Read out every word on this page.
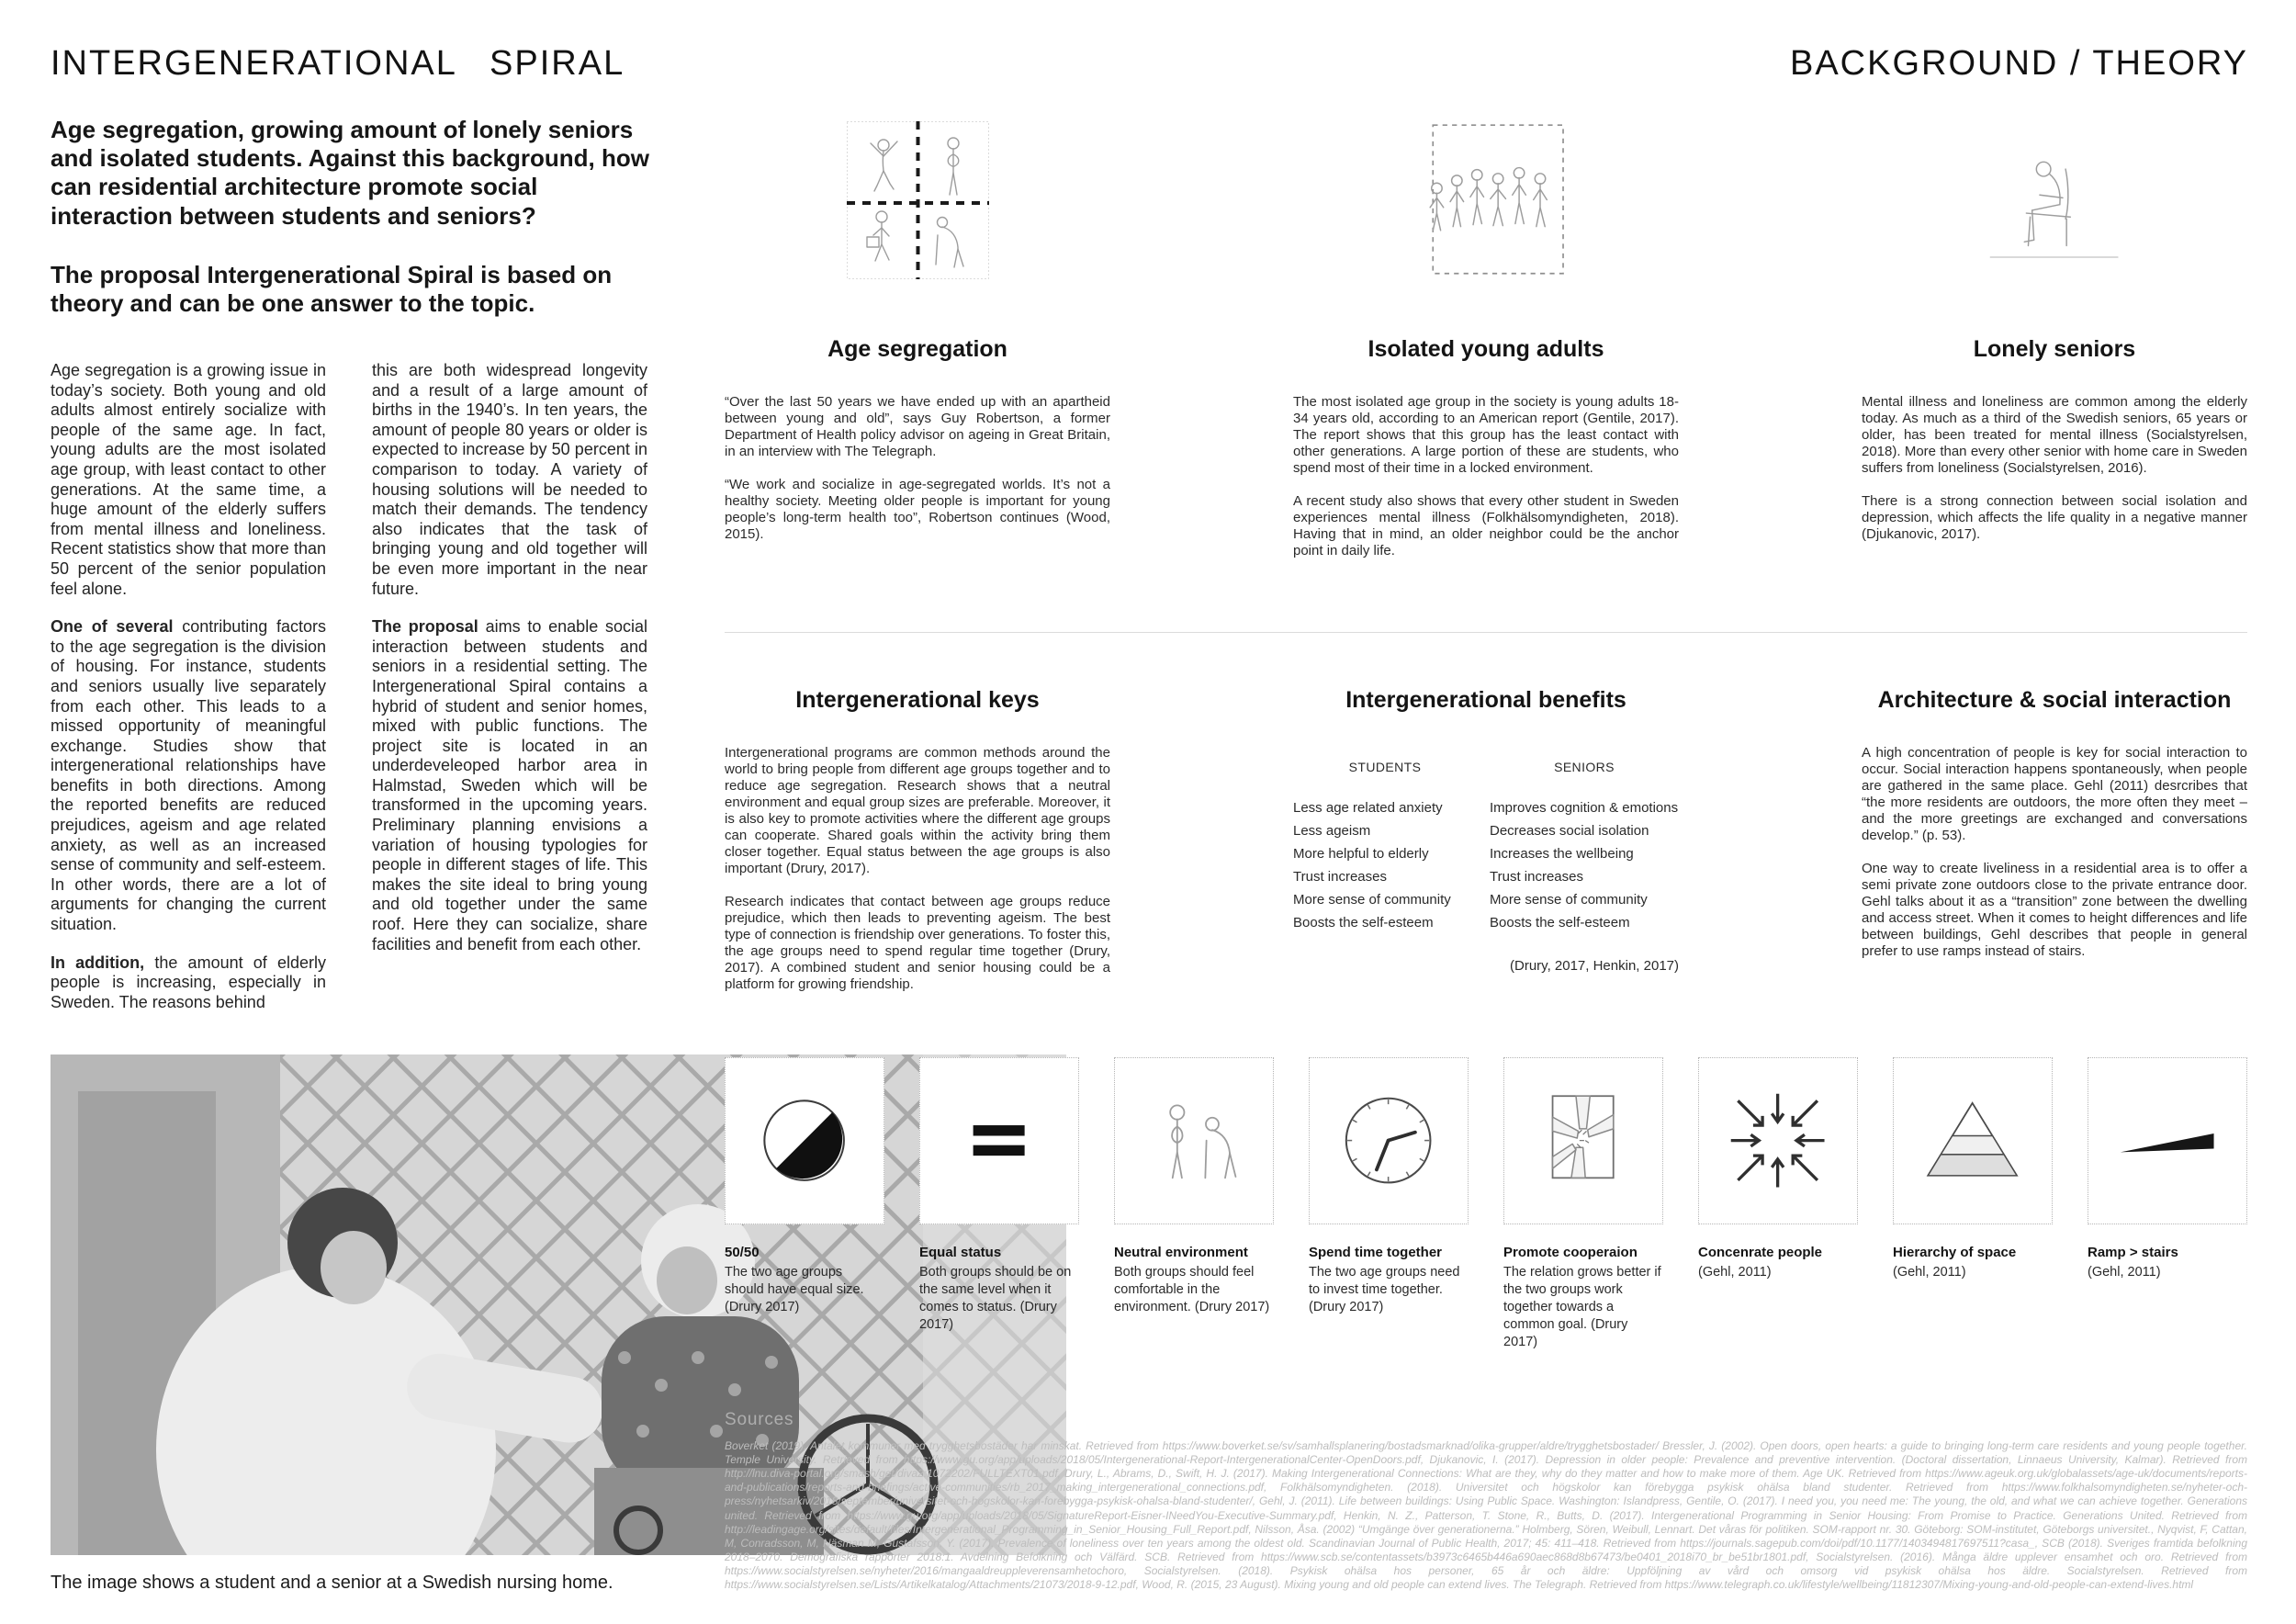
INTERGENERATIONAL SPIRAL	BACKGROUND / THEORY

Age segregation, growing amount of lonely seniors and isolated students. Against this background, how can residential architecture promote social interaction between students and seniors?

The proposal Intergenerational Spiral is based on theory and can be one answer to the topic.

Age segregation is a growing issue in today’s society. Both young and old adults almost entirely socialize with people of the same age. In fact, young adults are the most isolated age group, with least contact to other generations. At the same time, a huge amount of the elderly suffers from mental illness and loneliness. Recent statistics show that more than 50 percent of the senior population feel alone.

One of several contributing factors to the age segregation is the division of housing. For instance, students and seniors usually live separately from each other. This leads to a missed opportunity of meaningful exchange. Studies show that intergenerational relationships have benefits in both directions. Among the reported benefits are reduced prejudices, ageism and age related anxiety, as well as an increased sense of community and self-esteem. In other words, there are a lot of arguments for changing the current situation.

In addition, the amount of elderly people is increasing, especially in Sweden. The reasons behind

this are both widespread longevity and a result of a large amount of births in the 1940’s. In ten years, the amount of people 80 years or older is expected to increase by 50 percent in comparison to today. A variety of housing solutions will be needed to match their demands. The tendency also indicates that the task of bringing young and old together will be even more important in the near future.

The proposal aims to enable social interaction between students and seniors in a residential setting. The Intergenerational Spiral contains a hybrid of student and senior homes, mixed with public functions. The project site is located in an underdeveleoped harbor area in Halmstad, Sweden which will be transformed in the upcoming years. Preliminary planning envisions a variation of housing typologies for people in different stages of life. This makes the site ideal to bring young and old together under the same roof. Here they can socialize, share facilities and benefit from each other.

The image shows a student and a senior at a Swedish nursing home.
Age segregation

“Over the last 50 years we have ended up with an apartheid between young and old”, says Guy Robertson, a former Department of Health policy advisor on ageing in Great Britain, in an interview with The Telegraph.

“We work and socialize in age-segregated worlds. It’s not a healthy society. Meeting older people is important for young people’s long-term health too”, Robertson continues (Wood, 2015).

Isolated young adults

The most isolated age group in the society is young adults 18-34 years old, according to an American report (Gentile, 2017). The report shows that this group has the least contact with other generations. A large portion of these are students, who spend most of their time in a locked environment.

A recent study also shows that every other student in Sweden experiences mental illness (Folkhälsomyndigheten, 2018). Having that in mind, an older neighbor could be the anchor point in daily life.

Lonely seniors

Mental illness and loneliness are common among the elderly today. As much as a third of the Swedish seniors, 65 years or older, has been treated for mental illness (Socialstyrelsen, 2018). More than every other senior with home care in Sweden suffers from loneliness (Socialstyrelsen, 2016).

There is a strong connection between social isolation and depression, which affects the life quality in a negative manner (Djukanovic, 2017).

Intergenerational keys

Intergenerational programs are common methods around the world to bring people from different age groups together and to reduce age segregation. Research shows that a neutral environment and equal group sizes are preferable. Moreover, it is also key to promote activities where the different age groups can cooperate. Shared goals within the activity bring them closer together. Equal status between the age groups is also important (Drury, 2017).

Research indicates that contact between age groups reduce prejudice, which then leads to preventing ageism. The best type of connection is friendship over generations. To foster this, the age groups need to spend regular time together (Drury, 2017). A combined student and senior housing could be a platform for growing friendship.

Intergenerational benefits
STUDENTS	SENIORS
Less age related anxiety
Less ageism
More helpful to elderly
Trust increases
More sense of community
Boosts the self-esteem
Improves cognition & emotions
Decreases social isolation
Increases the wellbeing
Trust increases
More sense of community
Boosts the self-esteem
(Drury, 2017, Henkin, 2017)
Architecture & social interaction

A high concentration of people is key for social interaction to occur. Social interaction happens spontaneously, when people are gathered in the same place. Gehl (2011) desrcribes that “the more residents are outdoors, the more often they meet – and the more greetings are exchanged and conversations develop.” (p. 53).

One way to create liveliness in a residential area is to offer a semi private zone outdoors close to the private entrance door. Gehl talks about it as a “transition” zone between the dwelling and access street. When it comes to height differences and life between buildings, Gehl describes that people in general prefer to use ramps instead of stairs.

50/50
The two age groups should have equal size. (Drury 2017)
Equal status
Both groups should be on the same level when it comes to status. (Drury 2017)
Neutral environment
Both groups should feel comfortable in the environment. (Drury 2017)
Spend time together
The two age groups need to invest time together. (Drury 2017)
Promote cooperaion
The relation grows better if the two groups work together towards a common goal. (Drury 2017)
Concenrate people
(Gehl, 2011)
Hierarchy of space
(Gehl, 2011)
Ramp > stairs
(Gehl, 2011)
Sources

Boverket (2019). Antalet kommuner med trygghetsbostäder har minskat. Retrieved from https://www.boverket.se/sv/samhallsplanering/bostadsmarknad/olika-grupper/aldre/trygghetsbostader/ Bressler, J. (2002). Open doors, open hearts: a guide to bringing long-term care residents and young people together. Temple University. Retrieved from https://www.gu.org/app/uploads/2018/05/Intergenerational-Report-IntergenerationalCenter-OpenDoors.pdf, Djukanovic, I. (2017). Depression in older people: Prevalence and preventive intervention. (Doctoral dissertation, Linnaeus University, Kalmar). Retrieved from http://lnu.diva-portal.org/smash/get/diva2:1072202/FULLTEXT01.pdf, Drury, L., Abrams, D., Swift, H. J. (2017). Making Intergenerational Connections: What are they, why do they matter and how to make more of them. Age UK. Retrieved from https://www.ageuk.org.uk/globalassets/age-uk/documents/reports-and-publications/reports-and-briefings/active-communities/rb_2017_making_intergenerational_connections.pdf, Folkhälsomyndigheten. (2018). Universitet och högskolor kan förebygga psykisk ohälsa bland studenter. Retrieved from https://www.folkhalsomyndigheten.se/nyheter-och-press/nyhetsarkiv/2018/september/universitet-och-hogskolor-kan-forebygga-psykisk-ohalsa-bland-studenter/, Gehl, J. (2011). Life between buildings: Using Public Space. Washington: Islandpress, Gentile, O. (2017). I need you, you need me: The young, the old, and what we can achieve together. Generations united. Retrieved from https://www.gu.org/app/uploads/2018/05/SignatureReport-Eisner-INeedYou-Executive-Summary.pdf, Henkin, N. Z., Patterson, T. Stone, R., Butts, D. (2017). Intergenerational Programming in Senior Housing: From Promise to Practice. Generations United. Retrieved from http://leadingage.org/sites/default/files/Intergenerational_Programming_in_Senior_Housing_Full_Report.pdf, Nilsson, Åsa. (2002) “Umgänge över generationerna.” Holmberg, Sören, Weibull, Lennart. Det våras för politiken. SOM-rapport nr. 30. Göteborg: SOM-institutet, Göteborgs universitet., Nyqvist, F, Cattan, M, Conradsson, M, Näsman M, Gustafsson, Y. (2017). Prevalence of loneliness over ten years among the oldest old. Scandinavian Journal of Public Health, 2017; 45: 411–418. Retrieved from https://journals.sagepub.com/doi/pdf/10.1177/1403494817697511?casa_, SCB (2018). Sveriges framtida befolkning 2018–2070. Demografiska rapporter 2018:1. Avdelning Befolkning och Välfärd. SCB. Retrieved from https://www.scb.se/contentassets/b3973c6465b446a690aec868d8b67473/be0401_2018i70_br_be51br1801.pdf, Socialstyrelsen. (2016). Många äldre upplever ensamhet och oro. Retrieved from https://www.socialstyrelsen.se/nyheter/2016/mangaaldreuppleverensamhetochoro, Socialstyrelsen. (2018). Psykisk ohälsa hos personer, 65 år och äldre: Uppföljning av vård och omsorg vid psykisk ohälsa hos äldre. Socialstyrelsen. Retrieved from https://www.socialstyrelsen.se/Lists/Artikelkatalog/Attachments/21073/2018-9-12.pdf, Wood, R. (2015, 23 August). Mixing young and old people can extend lives. The Telegraph. Retrieved from https://www.telegraph.co.uk/lifestyle/wellbeing/11812307/Mixing-young-and-old-people-can-extend-lives.html
